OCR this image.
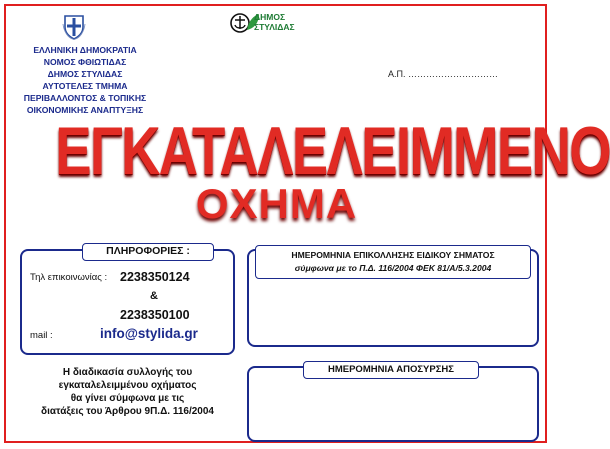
ΕΛΛΗΝΙΚΗ ΔΗΜΟΚΡΑΤΙΑ
ΝΟΜΟΣ ΦΘΙΩΤΙΔΑΣ
ΔΗΜΟΣ ΣΤΥΛΙΔΑΣ
ΑΥΤΟΤΕΛΕΣ ΤΜΗΜΑ
ΠΕΡΙΒΑΛΛΟΝΤΟΣ & ΤΟΠΙΚΗΣ
ΟΙΚΟΝΟΜΙΚΗΣ ΑΝΑΠΤΥΞΗΣ
ΔΗΜΟΣ
ΣΤΥΛΙΔΑΣ
Α.Π. …………………………
ΕΓΚΑΤΑΛΕΛΕΙΜΜΕΝΟ
ΟΧΗΜΑ
ΠΛΗΡΟΦΟΡΙΕΣ :
Τηλ επικοινωνίας : 2238350124
&
2238350100
mail :	info@stylida.gr
Η διαδικασία συλλογής του
εγκαταλελειμμένου οχήματος
θα γίνει σύμφωνα με τις
διατάξεις του Άρθρου 9Π.Δ. 116/2004
ΗΜΕΡΟΜΗΝΙΑ ΕΠΙΚΟΛΛΗΣΗΣ ΕΙΔΙΚΟΥ ΣΗΜΑΤΟΣ
σύμφωνα με το Π.Δ. 116/2004 ΦΕΚ 81/Α/5.3.2004
ΗΜΕΡΟΜΗΝΙΑ ΑΠΟΣΥΡΣΗΣ
